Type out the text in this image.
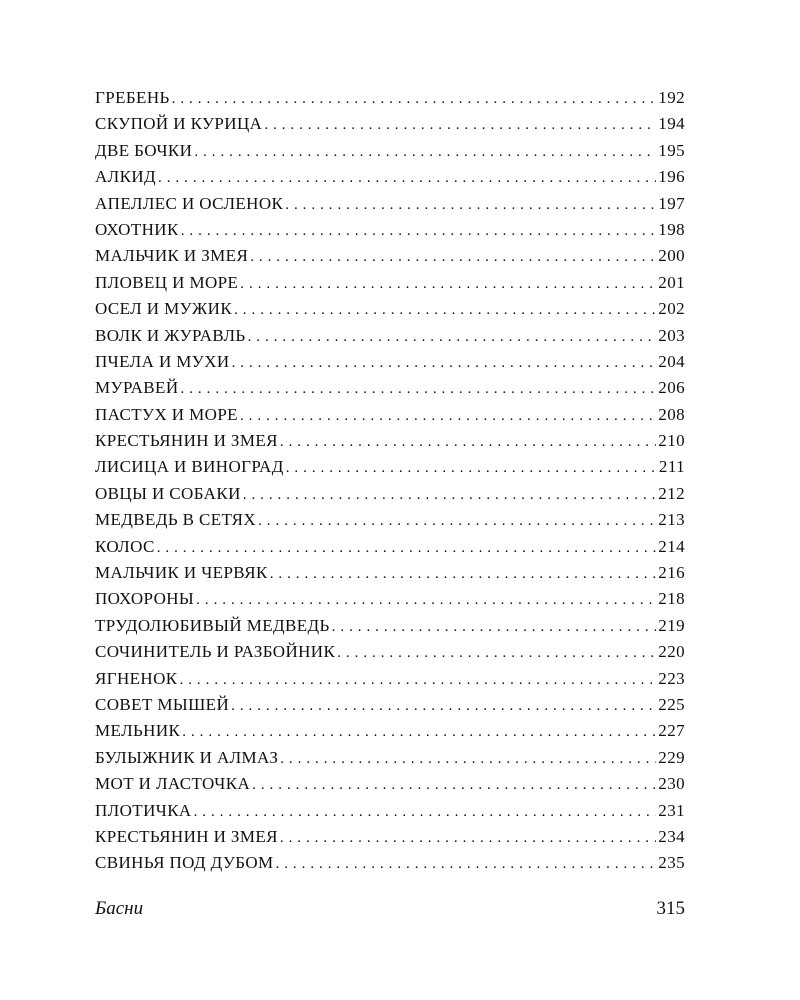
ГРЕБЕНЬ . . .	192
СКУПОЙ И КУРИЦА . . .	194
ДВЕ БОЧКИ . . .	195
АЛКИД . . .	196
АПЕЛЛЕС И ОСЛЕНОК . . .	197
ОХОТНИК . . .	198
МАЛЬЧИК И ЗМЕЯ . . .	200
ПЛОВЕЦ И МОРЕ . . .	201
ОСЕЛ И МУЖИК . . .	202
ВОЛК И ЖУРАВЛЬ . . .	203
ПЧЕЛА И МУХИ . . .	204
МУРАВЕЙ . . .	206
ПАСТУХ И МОРЕ . . .	208
КРЕСТЬЯНИН И ЗМЕЯ . . .	210
ЛИСИЦА И ВИНОГРАД . . .	211
ОВЦЫ И СОБАКИ . . .	212
МЕДВЕДЬ В СЕТЯХ . . .	213
КОЛОС . . .	214
МАЛЬЧИК И ЧЕРВЯК . . .	216
ПОХОРОНЫ . . .	218
ТРУДОЛЮБИВЫЙ МЕДВЕДЬ . . .	219
СОЧИНИТЕЛЬ И РАЗБОЙНИК . . .	220
ЯГНЕНОК . . .	223
СОВЕТ МЫШЕЙ . . .	225
МЕЛЬНИК . . .	227
БУЛЫЖНИК И АЛМАЗ . . .	229
МОТ И ЛАСТОЧКА . . .	230
ПЛОТИЧКА . . .	231
КРЕСТЬЯНИН И ЗМЕЯ . . .	234
СВИНЬЯ ПОД ДУБОМ . . .	235
Басни	315
